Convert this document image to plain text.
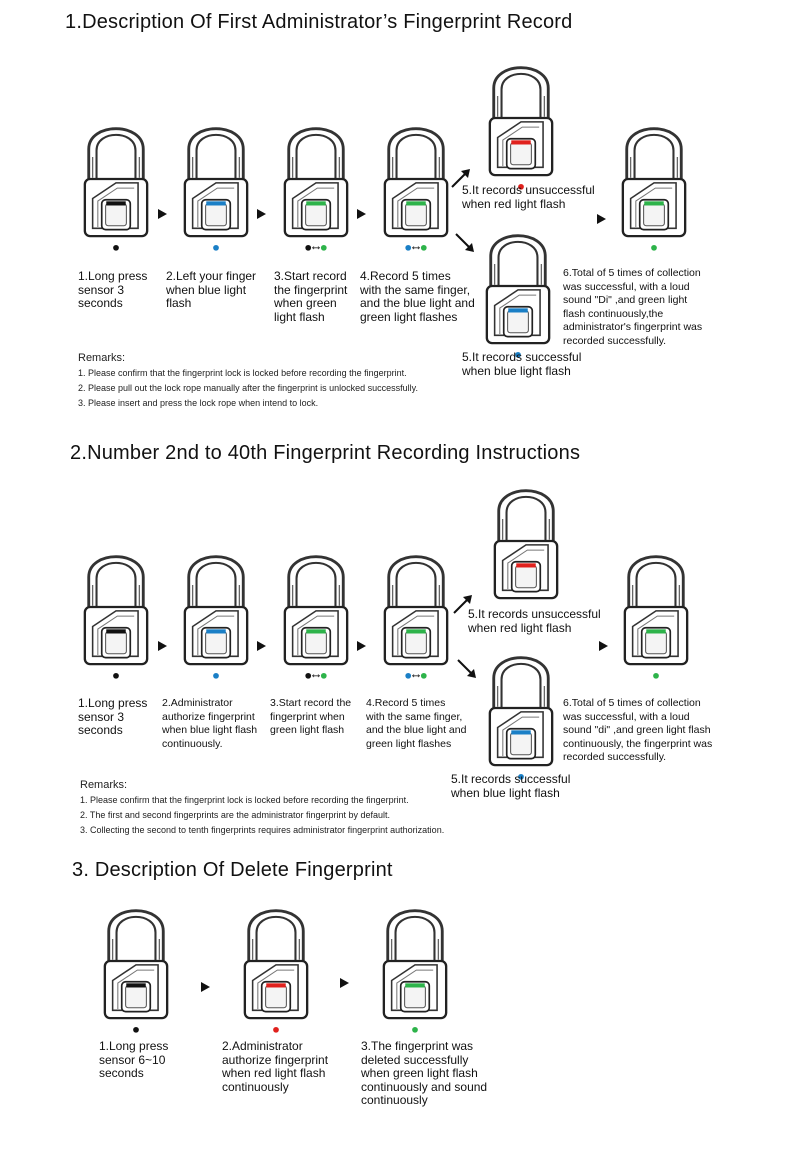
1.Description Of First Administrator’s Fingerprint Record
1.Long press
sensor 3
seconds
2.Left your finger
when blue light
flash
3.Start record
the fingerprint
when green
light flash
4.Record 5 times
with the same finger,
and the blue light and
green light flashes
5.It records unsuccessful
when red light flash
5.It records successful
when blue light flash
6.Total of 5 times of collection
was successful, with a loud
sound "Di" ,and green light
flash continuously,the
administrator's fingerprint was
recorded successfully.
Remarks:
1. Please confirm that the fingerprint lock is locked before recording the fingerprint.
2. Please pull out the lock rope manually after the fingerprint is unlocked successfully.
3. Please insert and press the lock rope when intend to lock.
2.Number 2nd to 40th Fingerprint Recording Instructions
1.Long press
sensor 3
seconds
2.Administrator
authorize fingerprint
when blue light flash
continuously.
3.Start record the
fingerprint when
green light flash
4.Record 5 times
with the same finger,
and the blue light and
green light flashes
5.It records unsuccessful
when red light flash
5.It records successful
when blue light flash
6.Total of 5 times of collection
was successful, with a loud
sound "di" ,and green light flash
continuously, the fingerprint was
recorded successfully.
Remarks:
1. Please confirm that the fingerprint lock is locked before recording the fingerprint.
2. The first and second fingerprints are the administrator fingerprint by default.
3. Collecting the second to tenth fingerprints requires administrator fingerprint authorization.
3. Description Of Delete Fingerprint
1.Long press
sensor 6~10
seconds
2.Administrator
authorize fingerprint
when red light flash
continuously
3.The fingerprint was
deleted successfully
when green light flash
continuously and sound
continuously
